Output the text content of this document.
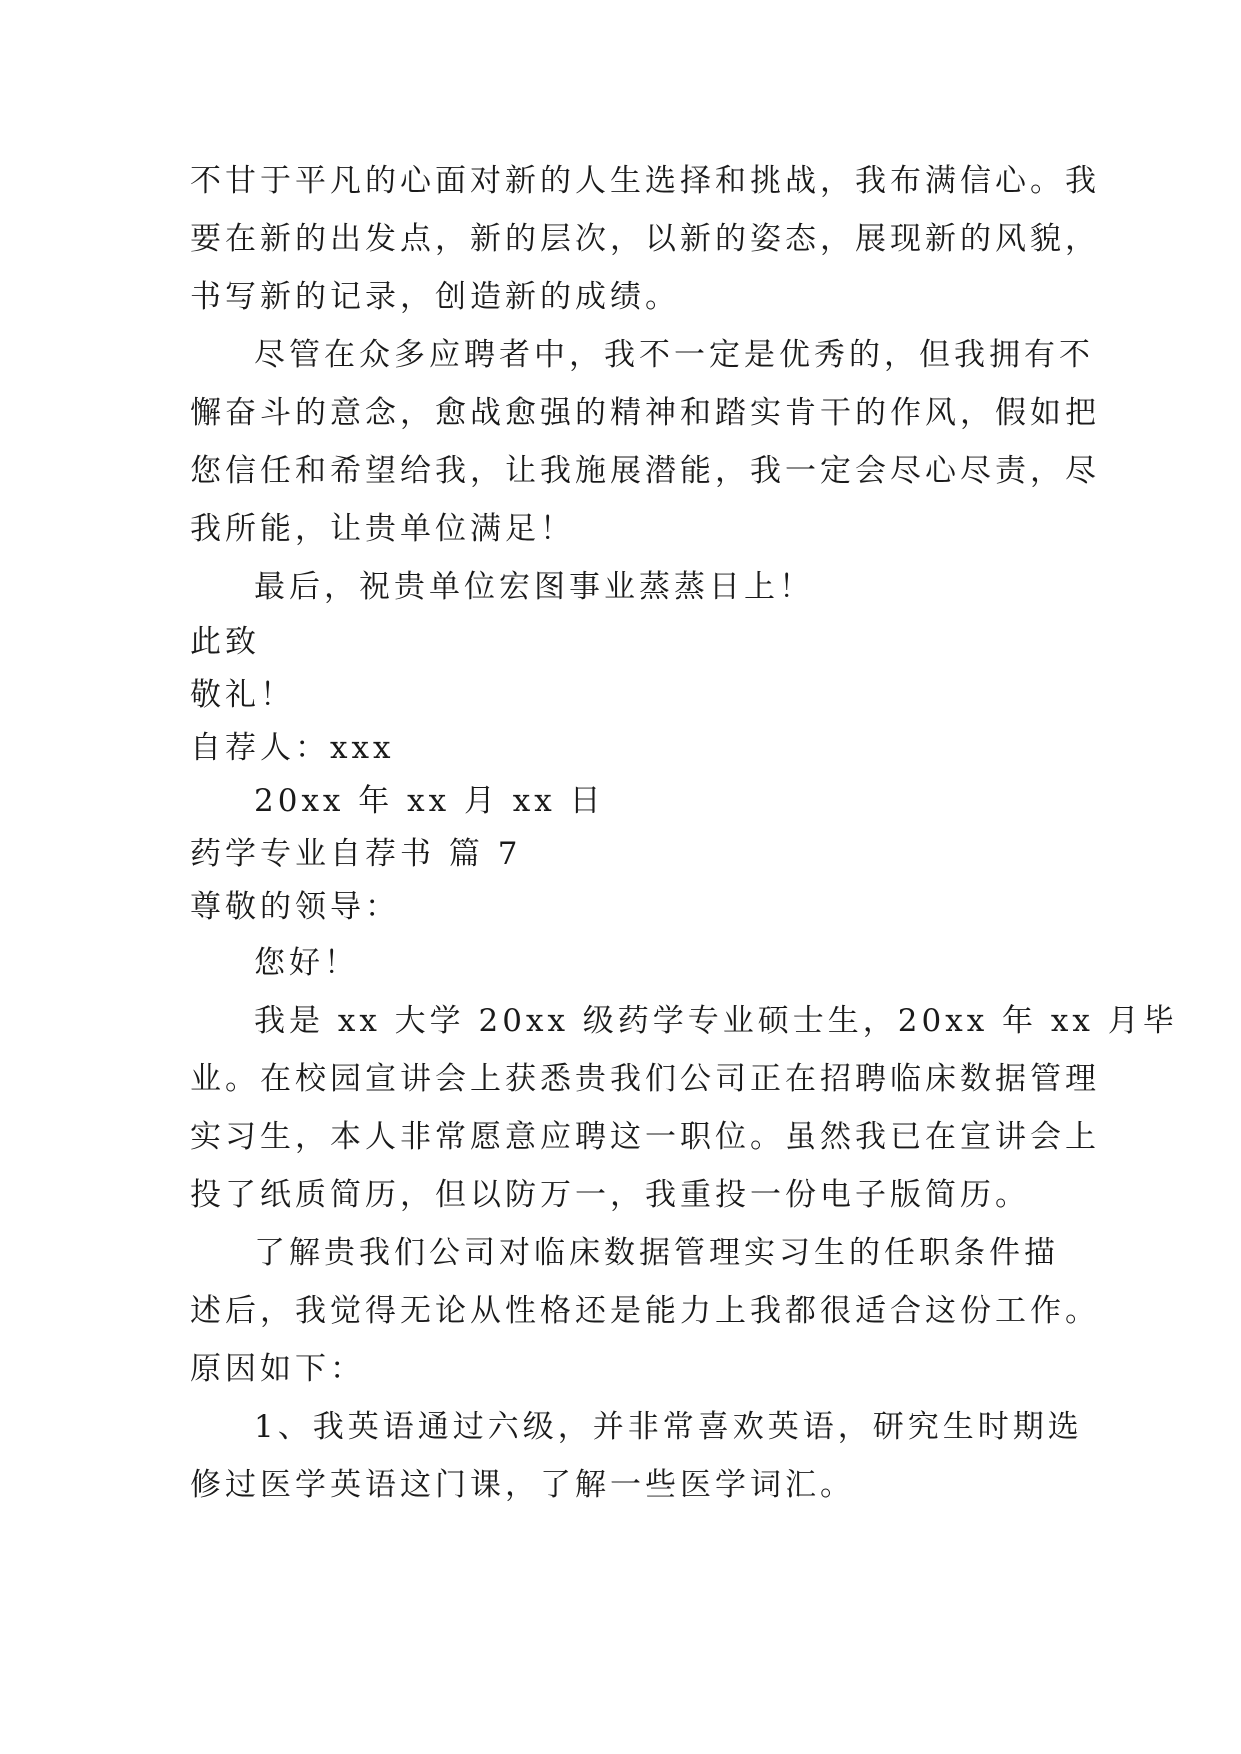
不甘于平凡的心面对新的人生选择和挑战，我布满信心。我
要在新的出发点，新的层次，以新的姿态，展现新的风貌，
书写新的记录，创造新的成绩。
尽管在众多应聘者中，我不一定是优秀的，但我拥有不
懈奋斗的意念，愈战愈强的精神和踏实肯干的作风，假如把
您信任和希望给我，让我施展潜能，我一定会尽心尽责，尽
我所能，让贵单位满足！
最后，祝贵单位宏图事业蒸蒸日上！
此致
敬礼！
自荐人：xxx
20xx 年 xx 月 xx 日
药学专业自荐书 篇 7
尊敬的领导：
您好！
我是 xx 大学 20xx 级药学专业硕士生，20xx 年 xx 月毕
业。在校园宣讲会上获悉贵我们公司正在招聘临床数据管理
实习生，本人非常愿意应聘这一职位。虽然我已在宣讲会上
投了纸质简历，但以防万一，我重投一份电子版简历。
了解贵我们公司对临床数据管理实习生的任职条件描
述后，我觉得无论从性格还是能力上我都很适合这份工作。
原因如下：
1、我英语通过六级，并非常喜欢英语，研究生时期选
修过医学英语这门课，了解一些医学词汇。
